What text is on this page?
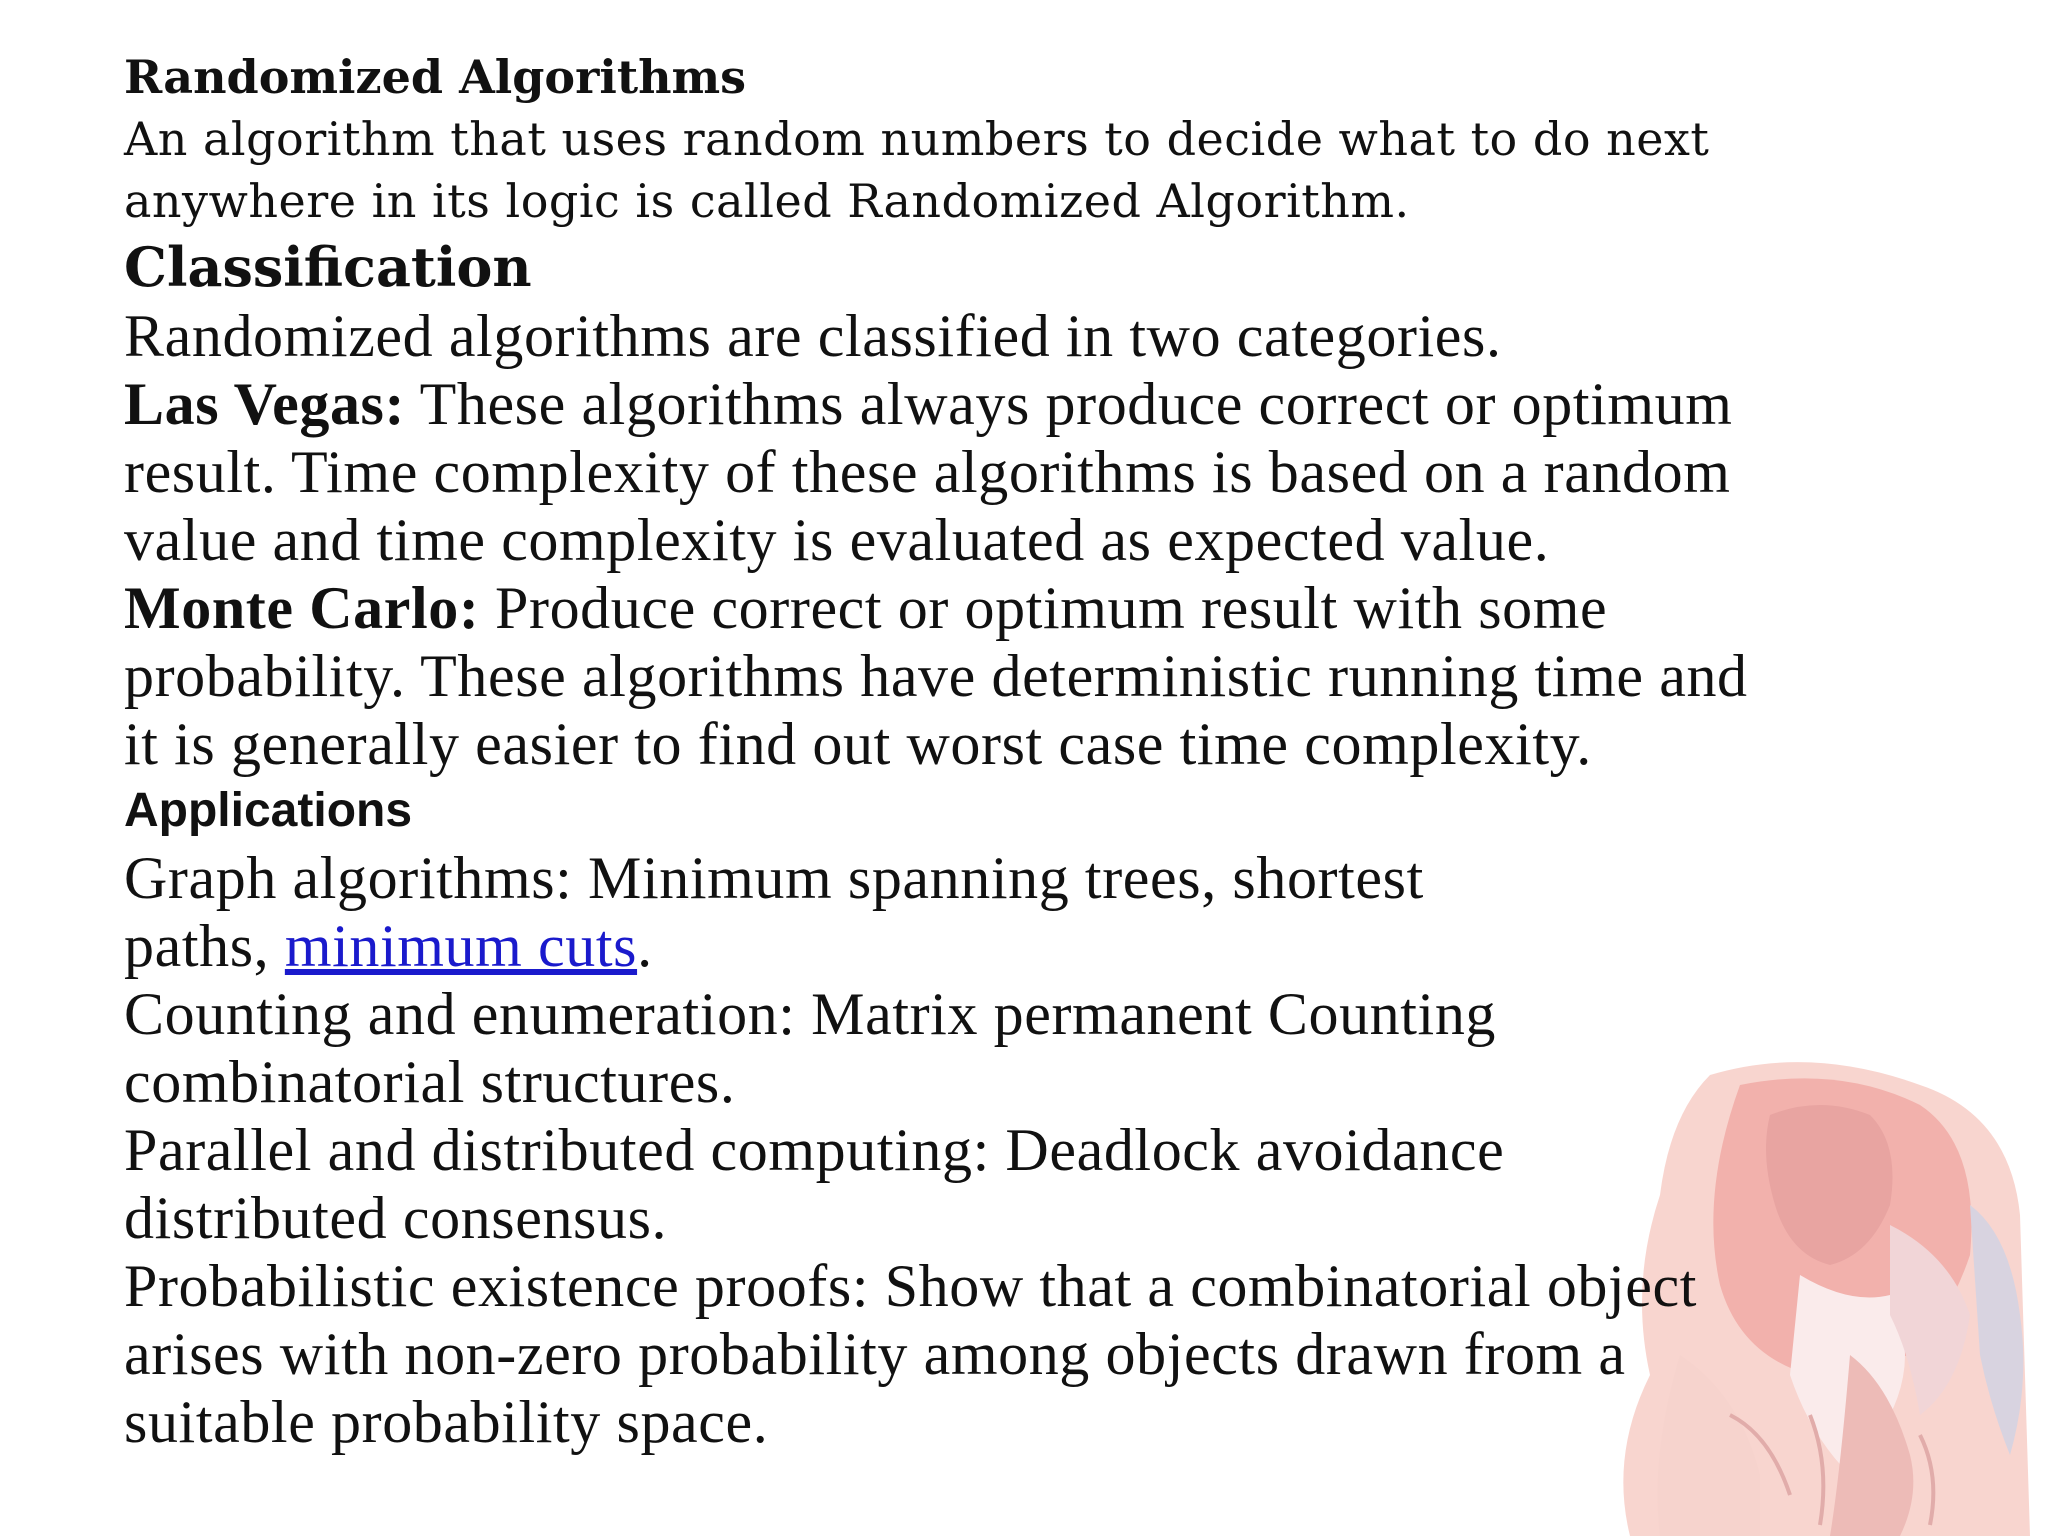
Randomized Algorithms

An algorithm that uses random numbers to decide what to do next

anywhere in its logic is called Randomized Algorithm.

Classification

Randomized algorithms are classified in two categories.

Las Vegas: These algorithms always produce correct or optimum

result. Time complexity of these algorithms is based on a random

value and time complexity is evaluated as expected value.

Monte Carlo: Produce correct or optimum result with some

probability. These algorithms have deterministic running time and

it is generally easier to find out worst case time complexity.

Applications

Graph algorithms: Minimum spanning trees, shortest

paths, minimum cuts.

Counting and enumeration: Matrix permanent Counting

combinatorial structures.

Parallel and distributed computing: Deadlock avoidance

distributed consensus.

Probabilistic existence proofs: Show that a combinatorial object

arises with non-zero probability among objects drawn from a

suitable probability space.
